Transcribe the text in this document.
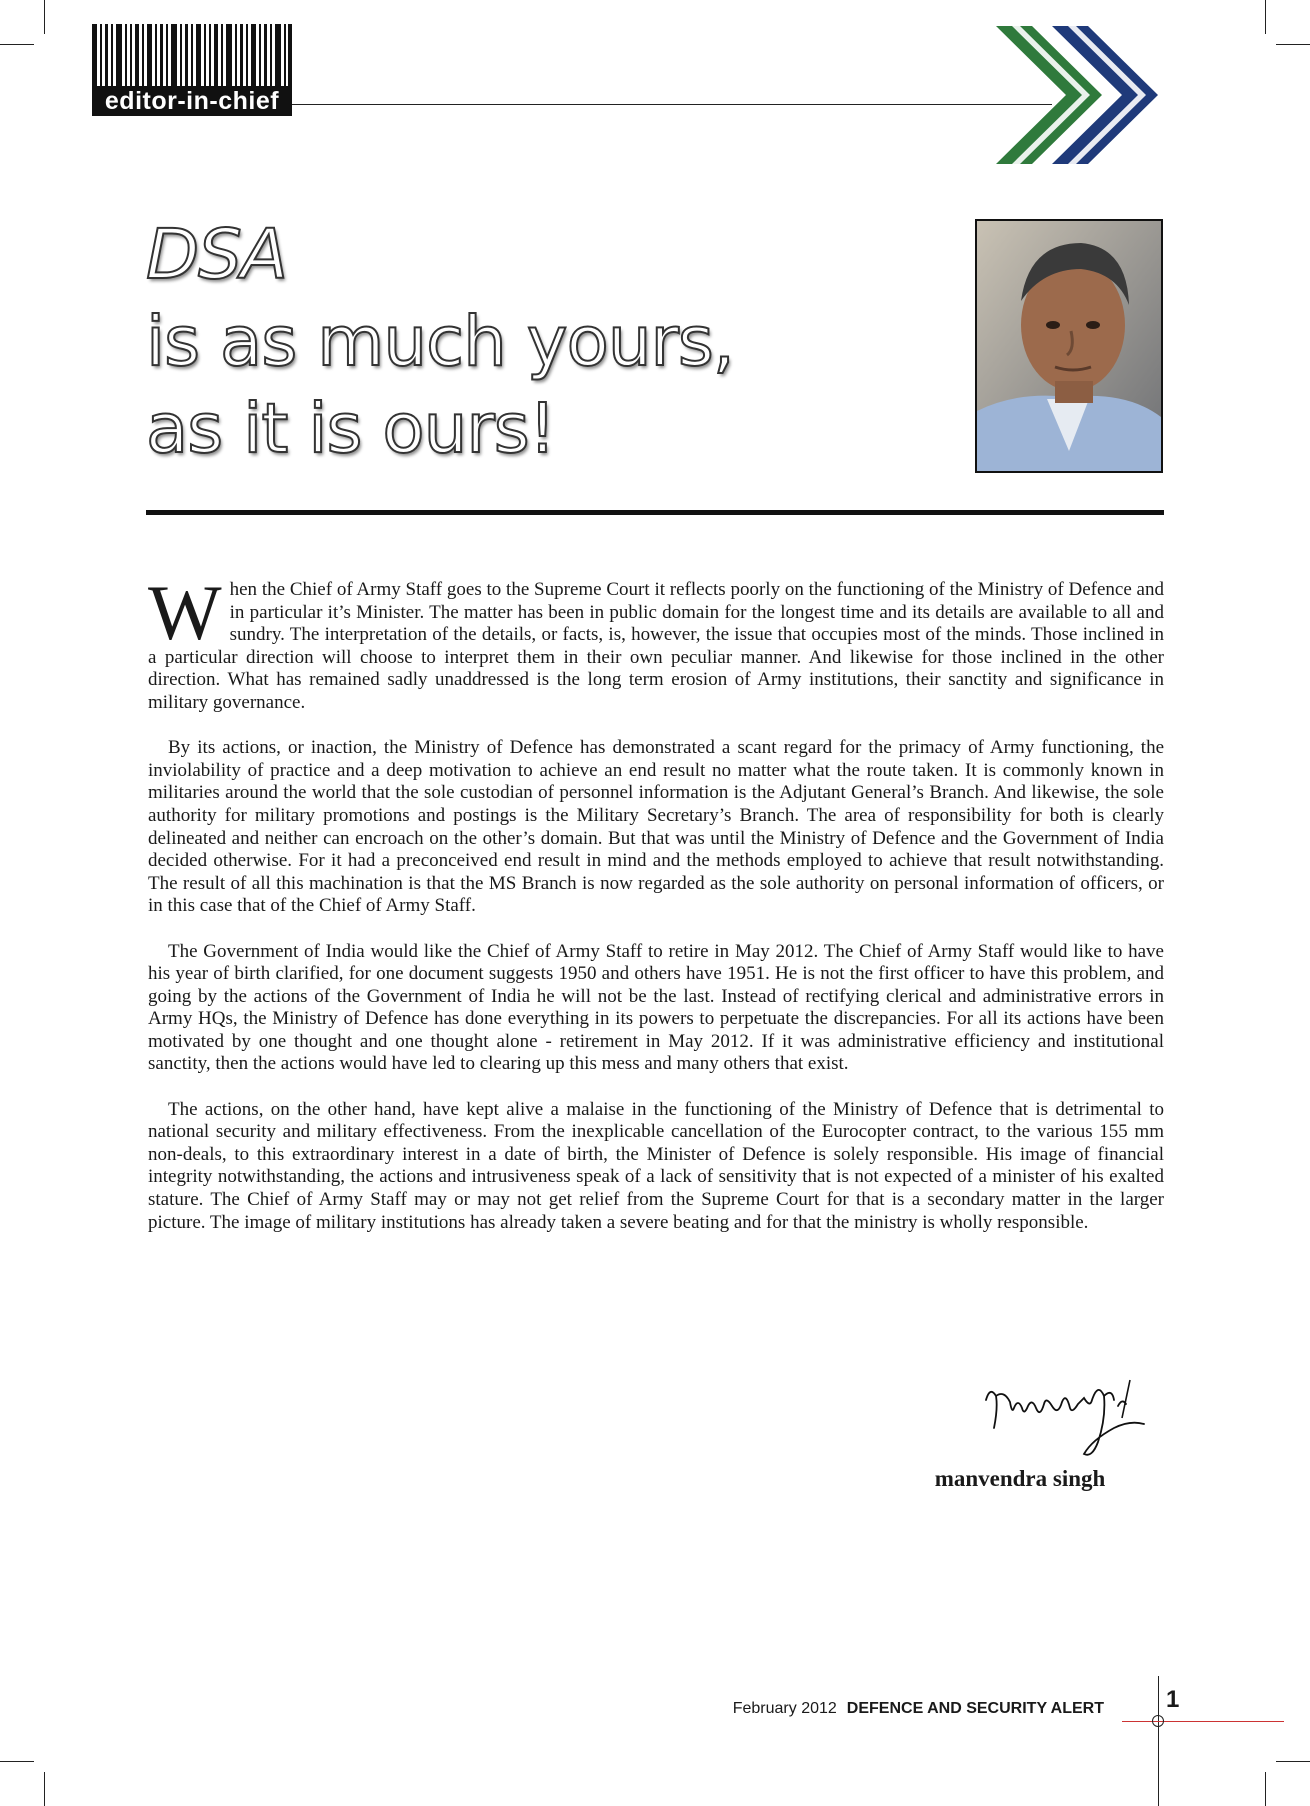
editor-in-chief
DSA
is as much yours,
as it is ours!

When the Chief of Army Staff goes to the Supreme Court it reflects poorly on the functioning of the Ministry of Defence and in particular it’s Minister. The matter has been in public domain for the longest time and its details are available to all and sundry. The interpretation of the details, or facts, is, however, the issue that occupies most of the minds. Those inclined in a particular direction will choose to interpret them in their own peculiar manner. And likewise for those inclined in the other direction. What has remained sadly unaddressed is the long term erosion of Army institutions, their sanctity and significance in military governance.

By its actions, or inaction, the Ministry of Defence has demonstrated a scant regard for the primacy of Army functioning, the inviolability of practice and a deep motivation to achieve an end result no matter what the route taken. It is commonly known in militaries around the world that the sole custodian of personnel information is the Adjutant General’s Branch. And likewise, the sole authority for military promotions and postings is the Military Secretary’s Branch. The area of responsibility for both is clearly delineated and neither can encroach on the other’s domain. But that was until the Ministry of Defence and the Government of India decided otherwise. For it had a preconceived end result in mind and the methods employed to achieve that result notwithstanding. The result of all this machination is that the MS Branch is now regarded as the sole authority on personal information of officers, or in this case that of the Chief of Army Staff.

The Government of India would like the Chief of Army Staff to retire in May 2012. The Chief of Army Staff would like to have his year of birth clarified, for one document suggests 1950 and others have 1951. He is not the first officer to have this problem, and going by the actions of the Government of India he will not be the last. Instead of rectifying clerical and administrative errors in Army HQs, the Ministry of Defence has done everything in its powers to perpetuate the discrepancies. For all its actions have been motivated by one thought and one thought alone - retirement in May 2012. If it was administrative efficiency and institutional sanctity, then the actions would have led to clearing up this mess and many others that exist.

The actions, on the other hand, have kept alive a malaise in the functioning of the Ministry of Defence that is detrimental to national security and military effectiveness. From the inexplicable cancellation of the Eurocopter contract, to the various 155 mm non-deals, to this extraordinary interest in a date of birth, the Minister of Defence is solely responsible. His image of financial integrity notwithstanding, the actions and intrusiveness speak of a lack of sensitivity that is not expected of a minister of his exalted stature. The Chief of Army Staff may or may not get relief from the Supreme Court for that is a secondary matter in the larger picture. The image of military institutions has already taken a severe beating and for that the ministry is wholly responsible.

manvendra singh
February 2012 DEFENCE AND SECURITY ALERT	1
